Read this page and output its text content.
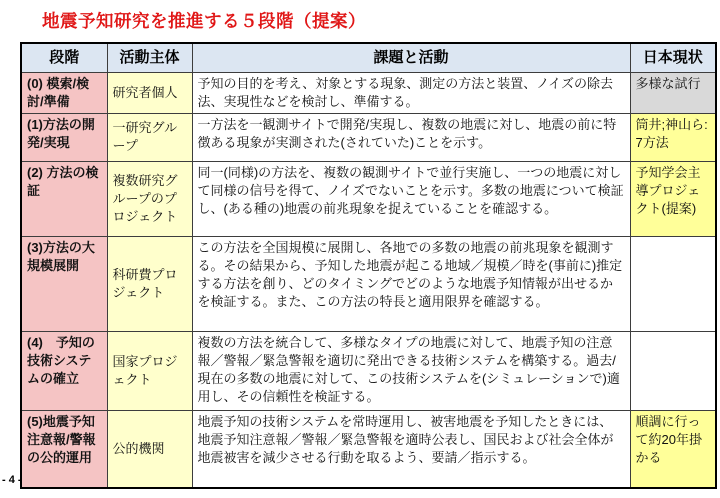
地震予知研究を推進する５段階（提案）
段階	活動主体	課題と活動	日本現状
(0) 模索/検討/準備	研究者個人	予知の目的を考え、対象とする現象、測定の方法と装置、ノイズの除去法、実現性などを検討し、準備する。	多様な試行
(1)方法の開発/実現	一研究グループ	一方法を一観測サイトで開発/実現し、複数の地震に対し、地震の前に特徴ある現象が実測された(されていた)ことを示す。	筒井;神山ら: 7方法
(2) 方法の検証	複数研究グループのプロジェクト	同一(同様)の方法を、複数の観測サイトで並行実施し、一つの地震に対して同様の信号を得て、ノイズでないことを示す。多数の地震について検証し、(ある種の)地震の前兆現象を捉えていることを確認する。	予知学会主導プロジェクト(提案)
(3)方法の大規模展開	科研費プロジェクト	この方法を全国規模に展開し、各地での多数の地震の前兆現象を観測する。その結果から、予知した地震が起こる地域／規模／時を(事前に)推定する方法を創り、どのタイミングでどのような地震予知情報が出せるかを検証する。また、この方法の特長と適用限界を確認する。	
(4)　予知の技術システムの確立	国家プロジェクト	複数の方法を統合して、多様なタイプの地震に対して、地震予知の注意報／警報／緊急警報を適切に発出できる技術システムを構築する。過去/現在の多数の地震に対して、この技術システムを(シミュレーションで)適用し、その信頼性を検証する。	
(5)地震予知注意報/警報の公的運用	公的機関	地震予知の技術システムを常時運用し、被害地震を予知したときには、地震予知注意報／警報／緊急警報を適時公表し、国民および社会全体が地震被害を減少させる行動を取るよう、要請／指示する。	順調に行って約20年掛かる
- 4 -
